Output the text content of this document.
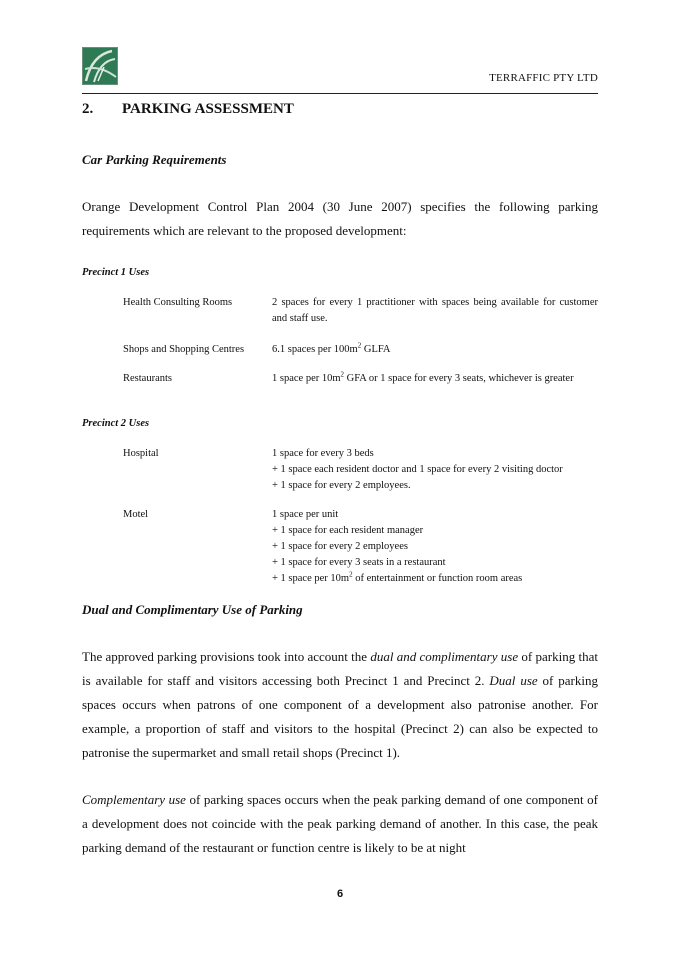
TERRAFFIC PTY LTD
2. PARKING ASSESSMENT
Car Parking Requirements
Orange Development Control Plan 2004 (30 June 2007) specifies the following parking requirements which are relevant to the proposed development:
Precinct 1 Uses
Health Consulting Rooms	2 spaces for every 1 practitioner with spaces being available for customer and staff use.
Shops and Shopping Centres	6.1 spaces per $100m^2$ GLFA
Restaurants	1 space per $10m^2$ GFA or 1 space for every 3 seats, whichever is greater
Precinct 2 Uses
Hospital	1 space for every 3 beds
+ 1 space each resident doctor and 1 space for every 2 visiting doctor
+ 1 space for every 2 employees.
Motel	1 space per unit
+ 1 space for each resident manager
+ 1 space for every 2 employees
+ 1 space for every 3 seats in a restaurant
+ 1 space per $10m^2$ of entertainment or function room areas
Dual and Complimentary Use of Parking
The approved parking provisions took into account the dual and complimentary use of parking that is available for staff and visitors accessing both Precinct 1 and Precinct 2. Dual use of parking spaces occurs when patrons of one component of a development also patronise another. For example, a proportion of staff and visitors to the hospital (Precinct 2) can also be expected to patronise the supermarket and small retail shops (Precinct 1).
Complementary use of parking spaces occurs when the peak parking demand of one component of a development does not coincide with the peak parking demand of another. In this case, the peak parking demand of the restaurant or function centre is likely to be at night
6
